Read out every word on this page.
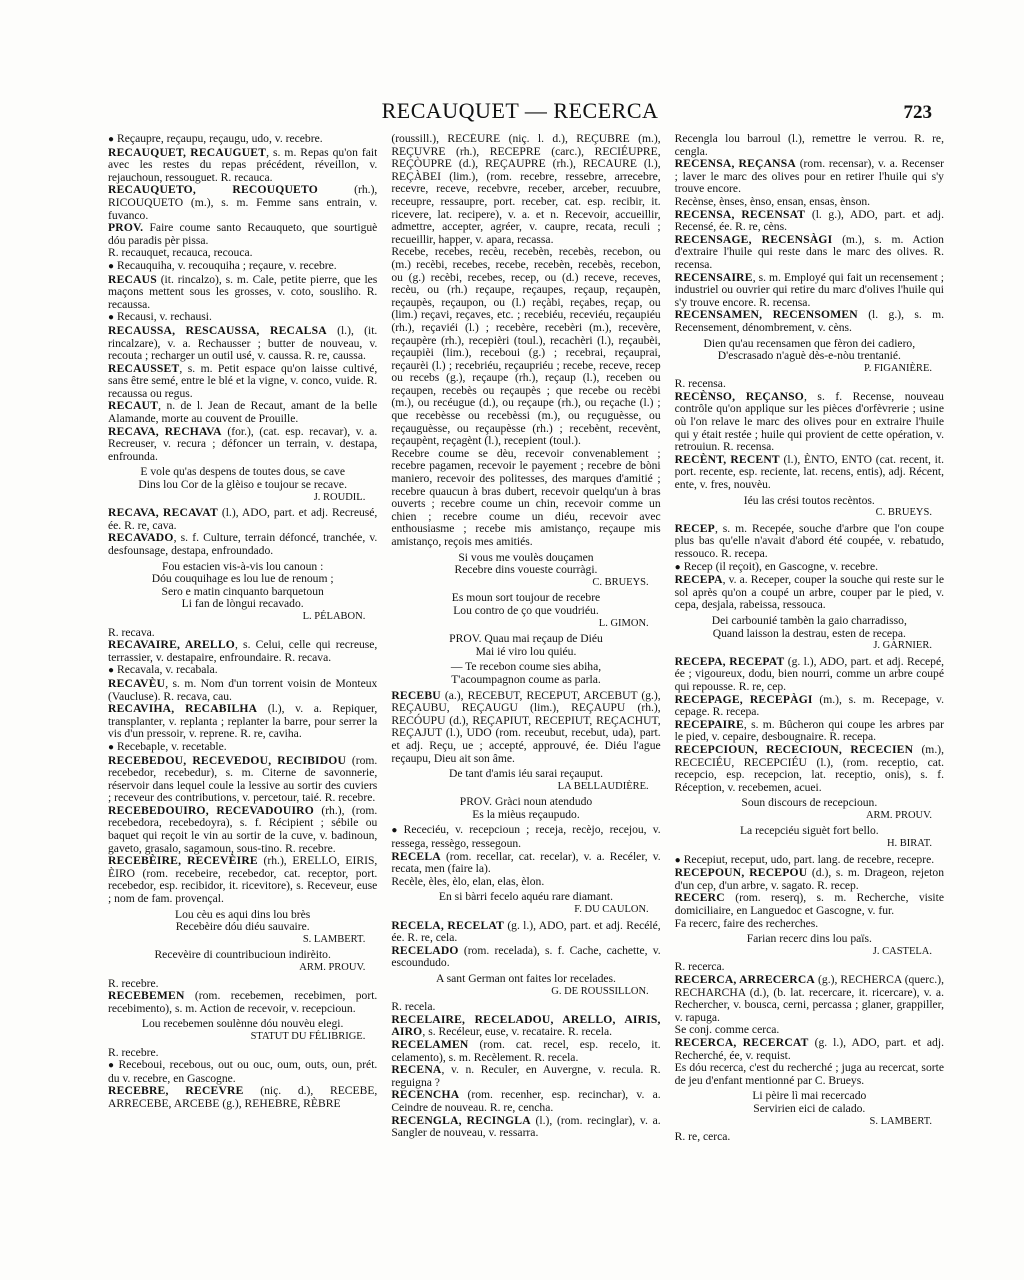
RECAUQUET — RECERCA	723

● Reçaupre, reçaupu, reçaugu, udo, v. recebre.

RECAUQUET, RECAUGUET, s. m. Repas qu'on fait avec les restes du repas précédent, réveillon, v. rejauchoun, ressouguet. R. recauca.

RECAUQUETO, RECOUQUETO (rh.), RICOUQUETO (m.), s. m. Femme sans entrain, v. fuvanco.

PROV. Faire coume santo Recauqueto, que sourtiguè dóu paradis pèr pissa.

R. recauquet, recauca, recouca.

● Recauquiha, v. recouquiha ; reçaure, v. recebre.

RECAUS (it. rincalzo), s. m. Cale, petite pierre, que les maçons mettent sous les grosses, v. coto, sousliho. R. recaussa.

● Recausi, v. rechausi.

RECAUSSA, RESCAUSSA, RECALSA (l.), (it. rincalzare), v. a. Rechausser ; butter de nouveau, v. recouta ; recharger un outil usé, v. caussa. R. re, caussa.

RECAUSSET, s. m. Petit espace qu'on laisse cultivé, sans être semé, entre le blé et la vigne, v. conco, vuide. R. recaussa ou regus.

RECAUT, n. de l. Jean de Recaut, amant de la belle Alamande, morte au couvent de Prouille.

RECAVA, RECHAVA (for.), (cat. esp. recavar), v. a. Recreuser, v. recura ; défoncer un terrain, v. destapa, enfrounda.

E vole qu'as despens de toutes dous, se cave
Dins lou Cor de la glèiso e toujour se recave.
J. ROUDIL.

RECAVA, RECAVAT (l.), ADO, part. et adj. Recreusé, ée. R. re, cava.

RECAVADO, s. f. Culture, terrain défoncé, tranchée, v. desfounsage, destapa, enfroundado.

Fou estacien vis-à-vis lou canoun :
Dóu couquihage es lou lue de renoum ;
Sero e matin cinquanto barquetoun
Li fan de lòngui recavado.
L. PÉLABON.

R. recava.

RECAVAIRE, ARELLO, s. Celui, celle qui recreuse, terrassier, v. destapaire, enfroundaire. R. recava.

● Recavala, v. recabala.

RECAVÈU, s. m. Nom d'un torrent voisin de Monteux (Vaucluse). R. recava, cau.

RECAVIHA, RECABILHA (l.), v. a. Repiquer, transplanter, v. replanta ; replanter la barre, pour serrer la vis d'un pressoir, v. reprene. R. re, caviha.

● Recebaple, v. recetable.

RECEBEDOU, RECEVEDOU, RECIBIDOU (rom. recebedor, recebedur), s. m. Citerne de savonnerie, réservoir dans lequel coule la lessive au sortir des cuviers ; receveur des contributions, v. percetour, taié. R. recebre.

RECEBEDOUIRO, RECEVADOUIRO (rh.), (rom. recebedora, recebedoyra), s. f. Récipient ; sébile ou baquet qui reçoit le vin au sortir de la cuve, v. badinoun, gaveto, grasalo, sagamoun, sous-tino. R. recebre.

RECEBÈIRE, RECEVÈIRE (rh.), ERELLO, EIRIS, ÈIRO (rom. recebeire, recebedor, cat. receptor, port. recebedor, esp. recibidor, it. ricevitore), s. Receveur, euse ; nom de fam. provençal.

Lou cèu es aqui dins lou brès
Recebèire dóu diéu sauvaire.
S. LAMBERT.
Recevèire di countribucioun indirèito.
ARM. PROUV.

R. recebre.

RECEBEMEN (rom. recebemen, recebimen, port. recebimento), s. m. Action de recevoir, v. recepcioun.

Lou recebemen soulènne dóu nouvèu elegi.
STATUT DU FÉLIBRIGE.

R. recebre.

● Receboui, recebous, out ou ouc, oum, outs, oun, prét. du v. recebre, en Gascogne.

RECEBRE, RECEVRE (niç. d.), RECEBE, ARRECEBE, ARCEBE (g.), REHEBRE, RÈBRE

(roussill.), RECÉURE (niç. l. d.), REÇUBRE (m.), REÇUVRE (rh.), RECEPRE (carc.), RECIÉUPRE, REÇÒUPRE (d.), REÇAUPRE (rh.), RECAURE (l.), REÇÀBEI (lim.), (rom. recebre, ressebre, arrecebre, recevre, receve, recebvre, receber, arceber, recuubre, receupre, ressaupre, port. receber, cat. esp. recibir, it. ricevere, lat. recipere), v. a. et n. Recevoir, accueillir, admettre, accepter, agréer, v. caupre, recata, reculi ; recueillir, happer, v. apara, recassa.

Recebe, recebes, recèu, recebèn, recebès, recebon, ou (m.) recèbi, recebes, recebe, recebèn, recebès, recebon, ou (g.) recèbi, recebes, recep, ou (d.) receve, receves, recèu, ou (rh.) reçaupe, reçaupes, reçaup, reçaupèn, reçaupès, reçaupon, ou (l.) reçàbi, reçabes, reçap, ou (lim.) reçavi, reçaves, etc. ; recebiéu, receviéu, reçaupiéu (rh.), reçaviéi (l.) ; recebère, recebèri (m.), recevère, reçaupère (rh.), recepièri (toul.), recachèri (l.), reçaubèi, reçaupièi (lim.), receboui (g.) ; recebrai, reçauprai, reçaurèi (l.) ; recebriéu, reçaupriéu ; recebe, receve, recep ou recebs (g.), reçaupe (rh.), reçaup (l.), receben ou reçaupen, recebès ou reçaupès ; que recebe ou recèbi (m.), ou recéugue (d.), ou reçaupe (rh.), ou reçache (l.) ; que recebèsse ou recebèssi (m.), ou reçuguèsse, ou reçauguèsse, ou reçaupèsse (rh.) ; recebènt, recevènt, reçaupènt, reçagènt (l.), recepient (toul.).

Recebre coume se dèu, recevoir convenablement ; recebre pagamen, recevoir le payement ; recebre de bòni maniero, recevoir des politesses, des marques d'amitié ; recebre quaucun à bras dubert, recevoir quelqu'un à bras ouverts ; recebre coume un chin, recevoir comme un chien ; recebre coume un diéu, recevoir avec enthousiasme ; recebe mis amistanço, reçaupe mis amistanço, reçois mes amitiés.

Si vous me voulès douçamen
Recebre dins voueste courràgi.
C. BRUEYS.
Es moun sort toujour de recebre
Lou contro de ço que voudriéu.
L. GIMON.
PROV. Quau mai reçaup de Diéu
Mai ié viro lou quiéu.
— Te recebon coume sies abiha,
T'acoumpagnon coume as parla.

RECEBU (a.), RECEBUT, RECEPUT, ARCEBUT (g.), REÇAUBU, REÇAUGU (lim.), REÇAUPU (rh.), RECÓUPU (d.), REÇAPIUT, RECEPIUT, REÇACHUT, REÇAJUT (l.), UDO (rom. receubut, recebut, uda), part. et adj. Reçu, ue ; accepté, approuvé, ée. Diéu l'ague reçaupu, Dieu ait son âme.

De tant d'amis iéu sarai reçauput.
LA BELLAUDIÈRE.
PROV. Gràci noun atendudo
Es la mièus reçaupudo.

● Receciéu, v. recepcioun ; receja, recèjo, recejou, v. ressega, ressègo, ressegoun.

RECELA (rom. recellar, cat. recelar), v. a. Recéler, v. recata, men (faire la).

Recèle, èles, èlo, elan, elas, èlon.

En si bàrri fecelo aquéu rare diamant.
F. DU CAULON.

RECELA, RECELAT (g. l.), ADO, part. et adj. Recélé, ée. R. re, cela.

RECELADO (rom. recelada), s. f. Cache, cachette, v. escoundudo.

A sant German ont faites lor recelades.
G. DE ROUSSILLON.

R. recela.

RECELAIRE, RECELADOU, ARELLO, AIRIS, AIRO, s. Recéleur, euse, v. recataire. R. recela.

RECELAMEN (rom. cat. recel, esp. recelo, it. celamento), s. m. Recèlement. R. recela.

RECENA, v. n. Reculer, en Auvergne, v. recula. R. reguigna ?

RECENCHA (rom. recenher, esp. recinchar), v. a. Ceindre de nouveau. R. re, cencha.

RECENGLA, RECINGLA (l.), (rom. recinglar), v. a. Sangler de nouveau, v. ressarra.

Recengla lou barroul (l.), remettre le verrou. R. re, cengla.

RECENSA, REÇANSA (rom. recensar), v. a. Recenser ; laver le marc des olives pour en retirer l'huile qui s'y trouve encore.

Recènse, ènses, ènso, ensan, ensas, ènson.

RECENSA, RECENSAT (l. g.), ADO, part. et adj. Recensé, ée. R. re, cèns.

RECENSAGE, RECENSÀGI (m.), s. m. Action d'extraire l'huile qui reste dans le marc des olives. R. recensa.

RECENSAIRE, s. m. Employé qui fait un recensement ; industriel ou ouvrier qui retire du marc d'olives l'huile qui s'y trouve encore. R. recensa.

RECENSAMEN, RECENSOMEN (l. g.), s. m. Recensement, dénombrement, v. cèns.

Dien qu'au recensamen que fèron dei cadiero,
D'escrasado n'aguè dès-e-nòu trentanié.
P. FIGANIÈRE.

R. recensa.

RECÈNSO, REÇANSO, s. f. Recense, nouveau contrôle qu'on applique sur les pièces d'orfèvrerie ; usine où l'on relave le marc des olives pour en extraire l'huile qui y était restée ; huile qui provient de cette opération, v. retrouiun. R. recensa.

RECÈNT, RECENT (l.), ÈNTO, ENTO (cat. recent, it. port. recente, esp. reciente, lat. recens, entis), adj. Récent, ente, v. fres, nouvèu.

Iéu las crési toutos recèntos.
C. BRUEYS.

RECEP, s. m. Recepée, souche d'arbre que l'on coupe plus bas qu'elle n'avait d'abord été coupée, v. rebatudo, ressouco. R. recepa.

● Recep (il reçoit), en Gascogne, v. recebre.

RECEPA, v. a. Receper, couper la souche qui reste sur le sol après qu'on a coupé un arbre, couper par le pied, v. cepa, desjala, rabeissa, ressouca.

Dei carbounié tambèn la gaio charradisso,
Quand laisson la destrau, esten de recepa.
J. GARNIER.

RECEPA, RECEPAT (g. l.), ADO, part. et adj. Recepé, ée ; vigoureux, dodu, bien nourri, comme un arbre coupé qui repousse. R. re, cep.

RECEPAGE, RECEPÀGI (m.), s. m. Recepage, v. cepage. R. recepa.

RECEPAIRE, s. m. Bûcheron qui coupe les arbres par le pied, v. cepaire, desbougnaire. R. recepa.

RECEPCIOUN, RECECIOUN, RECECIEN (m.), RECECIÉU, RECEPCIÉU (l.), (rom. receptio, cat. recepcio, esp. recepcion, lat. receptio, onis), s. f. Réception, v. recebemen, acuei.

Soun discours de recepcioun.
ARM. PROUV.
La recepciéu siguèt fort bello.
H. BIRAT.

● Recepiut, receput, udo, part. lang. de recebre, recepre.

RECEPOUN, RECEPOU (d.), s. m. Drageon, rejeton d'un cep, d'un arbre, v. sagato. R. recep.

RECERC (rom. reserq), s. m. Recherche, visite domiciliaire, en Languedoc et Gascogne, v. fur.

Fa recerc, faire des recherches.

Farian recerc dins lou païs.
J. CASTELA.

R. recerca.

RECERCA, ARRECERCA (g.), RECHERCA (querc.), RECHARCHA (d.), (b. lat. recercare, it. ricercare), v. a. Rechercher, v. bousca, cerni, percassa ; glaner, grappiller, v. rapuga.

Se conj. comme cerca.

RECERCA, RECERCAT (g. l.), ADO, part. et adj. Recherché, ée, v. requist.

Es dóu recerca, c'est du recherché ; juga au recercat, sorte de jeu d'enfant mentionné par C. Brueys.

Li pèire lì mai recercado
Servirien eici de calado.
S. LAMBERT.

R. re, cerca.
